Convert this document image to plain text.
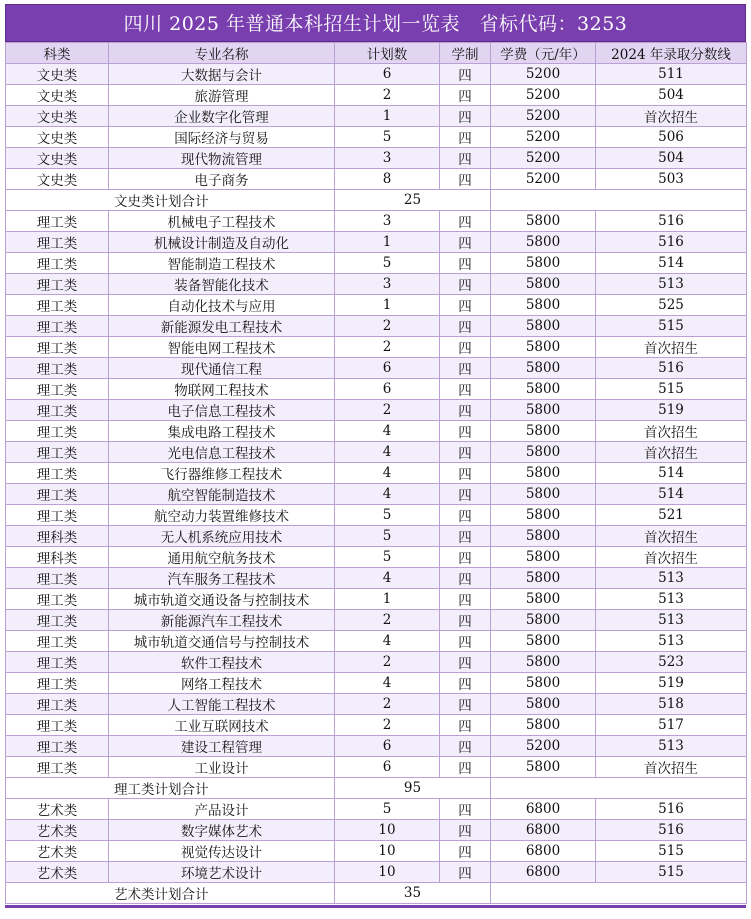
四川 2025 年普通本科招生计划一览表　省标代码：3253
科类	专业名称	计划数	学制	学费（元/年）	2024 年录取分数线
文史类	大数据与会计	6	四	5200	511
文史类	旅游管理	2	四	5200	504
文史类	企业数字化管理	1	四	5200	首次招生
文史类	国际经济与贸易	5	四	5200	506
文史类	现代物流管理	3	四	5200	504
文史类	电子商务	8	四	5200	503
文史类计划合计		25			
理工类	机械电子工程技术	3	四	5800	516
理工类	机械设计制造及自动化	1	四	5800	516
理工类	智能制造工程技术	5	四	5800	514
理工类	装备智能化技术	3	四	5800	513
理工类	自动化技术与应用	1	四	5800	525
理工类	新能源发电工程技术	2	四	5800	515
理工类	智能电网工程技术	2	四	5800	首次招生
理工类	现代通信工程	6	四	5800	516
理工类	物联网工程技术	6	四	5800	515
理工类	电子信息工程技术	2	四	5800	519
理工类	集成电路工程技术	4	四	5800	首次招生
理工类	光电信息工程技术	4	四	5800	首次招生
理工类	飞行器维修工程技术	4	四	5800	514
理工类	航空智能制造技术	4	四	5800	514
理工类	航空动力装置维修技术	5	四	5800	521
理科类	无人机系统应用技术	5	四	5800	首次招生
理科类	通用航空航务技术	5	四	5800	首次招生
理工类	汽车服务工程技术	4	四	5800	513
理工类	城市轨道交通设备与控制技术	1	四	5800	513
理工类	新能源汽车工程技术	2	四	5800	513
理工类	城市轨道交通信号与控制技术	4	四	5800	513
理工类	软件工程技术	2	四	5800	523
理工类	网络工程技术	4	四	5800	519
理工类	人工智能工程技术	2	四	5800	518
理工类	工业互联网技术	2	四	5800	517
理工类	建设工程管理	6	四	5200	513
理工类	工业设计	6	四	5800	首次招生
理工类计划合计		95			
艺术类	产品设计	5	四	6800	516
艺术类	数字媒体艺术	10	四	6800	516
艺术类	视觉传达设计	10	四	6800	515
艺术类	环境艺术设计	10	四	6800	515
艺术类计划合计		35			
